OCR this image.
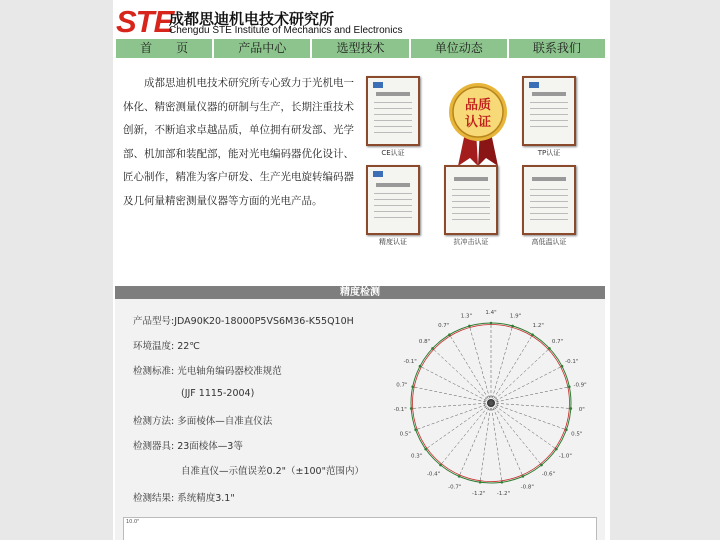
STE
成都思迪机电技术研究所
Chengdu STE Institute of Mechanics and Electronics
首　　页	产品中心	选型技术	单位动态	联系我们

成都思迪机电技术研究所专心致力于光机电一体化、精密测量仪器的研制与生产，长期注重技术创新，不断追求卓越品质，单位拥有研发部、光学部、机加部和装配部，能对光电编码器优化设计、匠心制作，精准为客户研发、生产光电旋转编码器及几何量精密测量仪器等方面的光电产品。

CE认证
品质
认证
TP认证
精度认证	抗冲击认证	高低温认证
精度检测
产品型号:JDA90K20-18000P5VS6M36-K55Q10H
环境温度: 22℃
检测标准: 光电轴角编码器校准规范
(JJF 1115-2004)
检测方法: 多面棱体—自准直仪法
检测器具: 23面棱体—3等
自准直仪—示值误差0.2"（±100"范围内）
检测结果: 系统精度3.1"
1.4"
1.9"
1.2"
0.7"
-0.1"
-0.9"
0"
0.5"
-1.0"
-0.6"
-0.8"
-1.2"
-1.2"
-0.7"
-0.4"
0.3"
0.5"
-0.1"
0.7"
-0.1"
0.8"
0.7"
1.3"
10.0"
